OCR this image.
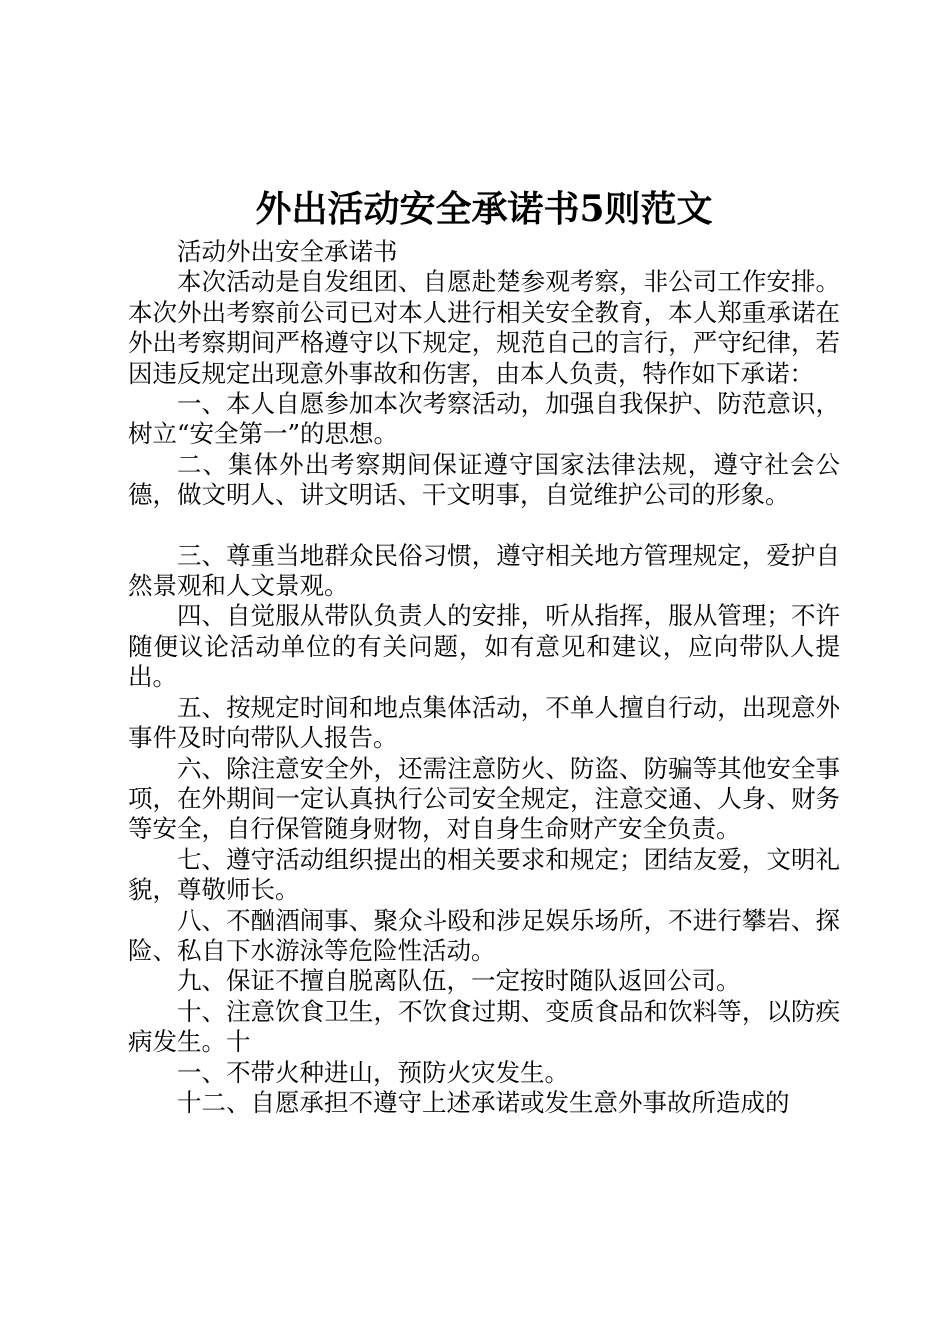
外出活动安全承诺书5则范文

活动外出安全承诺书

本次活动是自发组团、自愿赴楚参观考察，非公司工作安排。本次外出考察前公司已对本人进行相关安全教育，本人郑重承诺在外出考察期间严格遵守以下规定，规范自己的言行，严守纪律，若因违反规定出现意外事故和伤害，由本人负责，特作如下承诺：

一、本人自愿参加本次考察活动，加强自我保护、防范意识，树立“安全第一”的思想。

二、集体外出考察期间保证遵守国家法律法规，遵守社会公德，做文明人、讲文明话、干文明事，自觉维护公司的形象。

三、尊重当地群众民俗习惯，遵守相关地方管理规定，爱护自然景观和人文景观。

四、自觉服从带队负责人的安排，听从指挥，服从管理；不许随便议论活动单位的有关问题，如有意见和建议，应向带队人提出。

五、按规定时间和地点集体活动，不单人擅自行动，出现意外事件及时向带队人报告。

六、除注意安全外，还需注意防火、防盗、防骗等其他安全事项，在外期间一定认真执行公司安全规定，注意交通、人身、财务等安全，自行保管随身财物，对自身生命财产安全负责。

七、遵守活动组织提出的相关要求和规定；团结友爱，文明礼貌，尊敬师长。

八、不酗酒闹事、聚众斗殴和涉足娱乐场所，不进行攀岩、探险、私自下水游泳等危险性活动。

九、保证不擅自脱离队伍，一定按时随队返回公司。

十、注意饮食卫生，不饮食过期、变质食品和饮料等，以防疾病发生。十

一、不带火种进山，预防火灾发生。

十二、自愿承担不遵守上述承诺或发生意外事故所造成的
